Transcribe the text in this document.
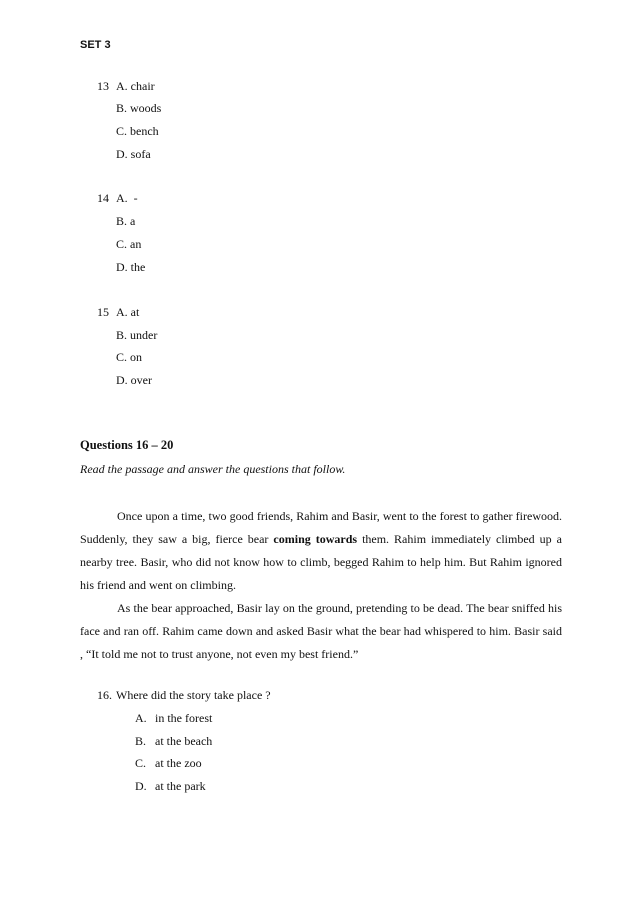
SET 3
13 A. chair
B. woods
C. bench
D. sofa
14 A.  -
B. a
C. an
D. the
15 A. at
B. under
C. on
D. over
Questions 16 – 20
Read the passage and answer the questions that follow.

Once upon a time, two good friends, Rahim and Basir, went to the forest to gather firewood. Suddenly, they saw a big, fierce bear coming towards them. Rahim immediately climbed up a nearby tree. Basir, who did not know how to climb, begged Rahim to help him. But Rahim ignored his friend and went on climbing.

As the bear approached, Basir lay on the ground, pretending to be dead. The bear sniffed his face and ran off. Rahim came down and asked Basir what the bear had whispered to him. Basir said , “It told me not to trust anyone, not even my best friend.”

16. Where did the story take place ?
A. in the forest
B. at the beach
C. at the zoo
D. at the park
